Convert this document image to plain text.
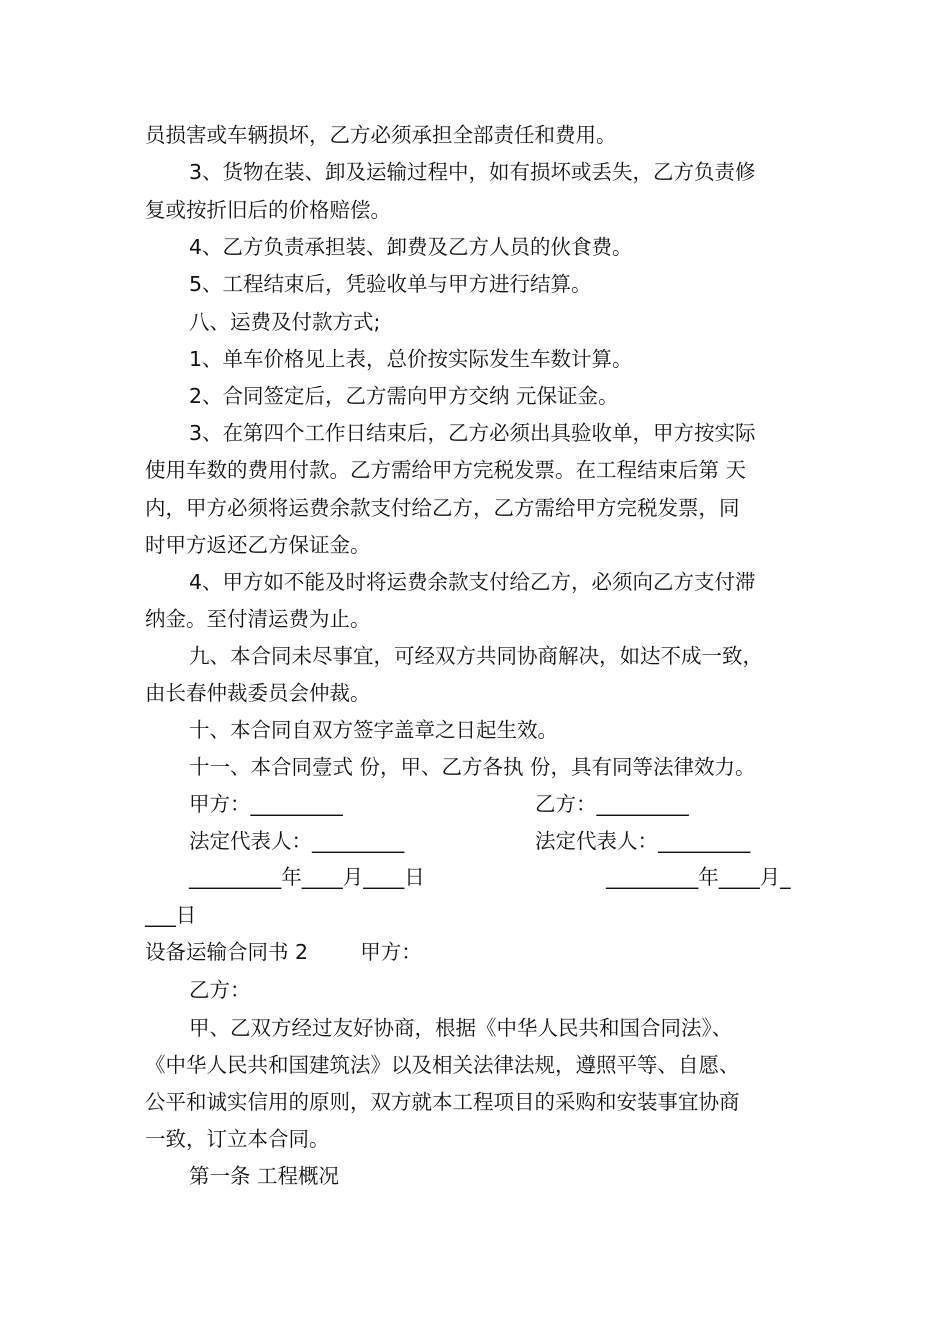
员损害或车辆损坏，乙方必须承担全部责任和费用。
3、货物在装、卸及运输过程中，如有损坏或丢失，乙方负责修
复或按折旧后的价格赔偿。
4、乙方负责承担装、卸费及乙方人员的伙食费。
5、工程结束后，凭验收单与甲方进行结算。
八、运费及付款方式;
1、单车价格见上表，总价按实际发生车数计算。
2、合同签定后，乙方需向甲方交纳 元保证金。
3、在第四个工作日结束后，乙方必须出具验收单，甲方按实际
使用车数的费用付款。乙方需给甲方完税发票。在工程结束后第 天
内，甲方必须将运费余款支付给乙方，乙方需给甲方完税发票，同
时甲方返还乙方保证金。
4、甲方如不能及时将运费余款支付给乙方，必须向乙方支付滞
纳金。至付清运费为止。
九、本合同未尽事宜，可经双方共同协商解决，如达不成一致，
由长春仲裁委员会仲裁。
十、本合同自双方签字盖章之日起生效。
十一、本合同壹式 份，甲、乙方各执 份，具有同等法律效力。
甲方：_________	乙方：_________
法定代表人：_________	法定代表人：_________
_________年____月____日	_________年____月_
___日
设备运输合同书 2        甲方：
乙方：
甲、乙双方经过友好协商，根据《中华人民共和国合同法》、
《中华人民共和国建筑法》以及相关法律法规，遵照平等、自愿、
公平和诚实信用的原则，双方就本工程项目的采购和安装事宜协商
一致，订立本合同。
第一条 工程概况
